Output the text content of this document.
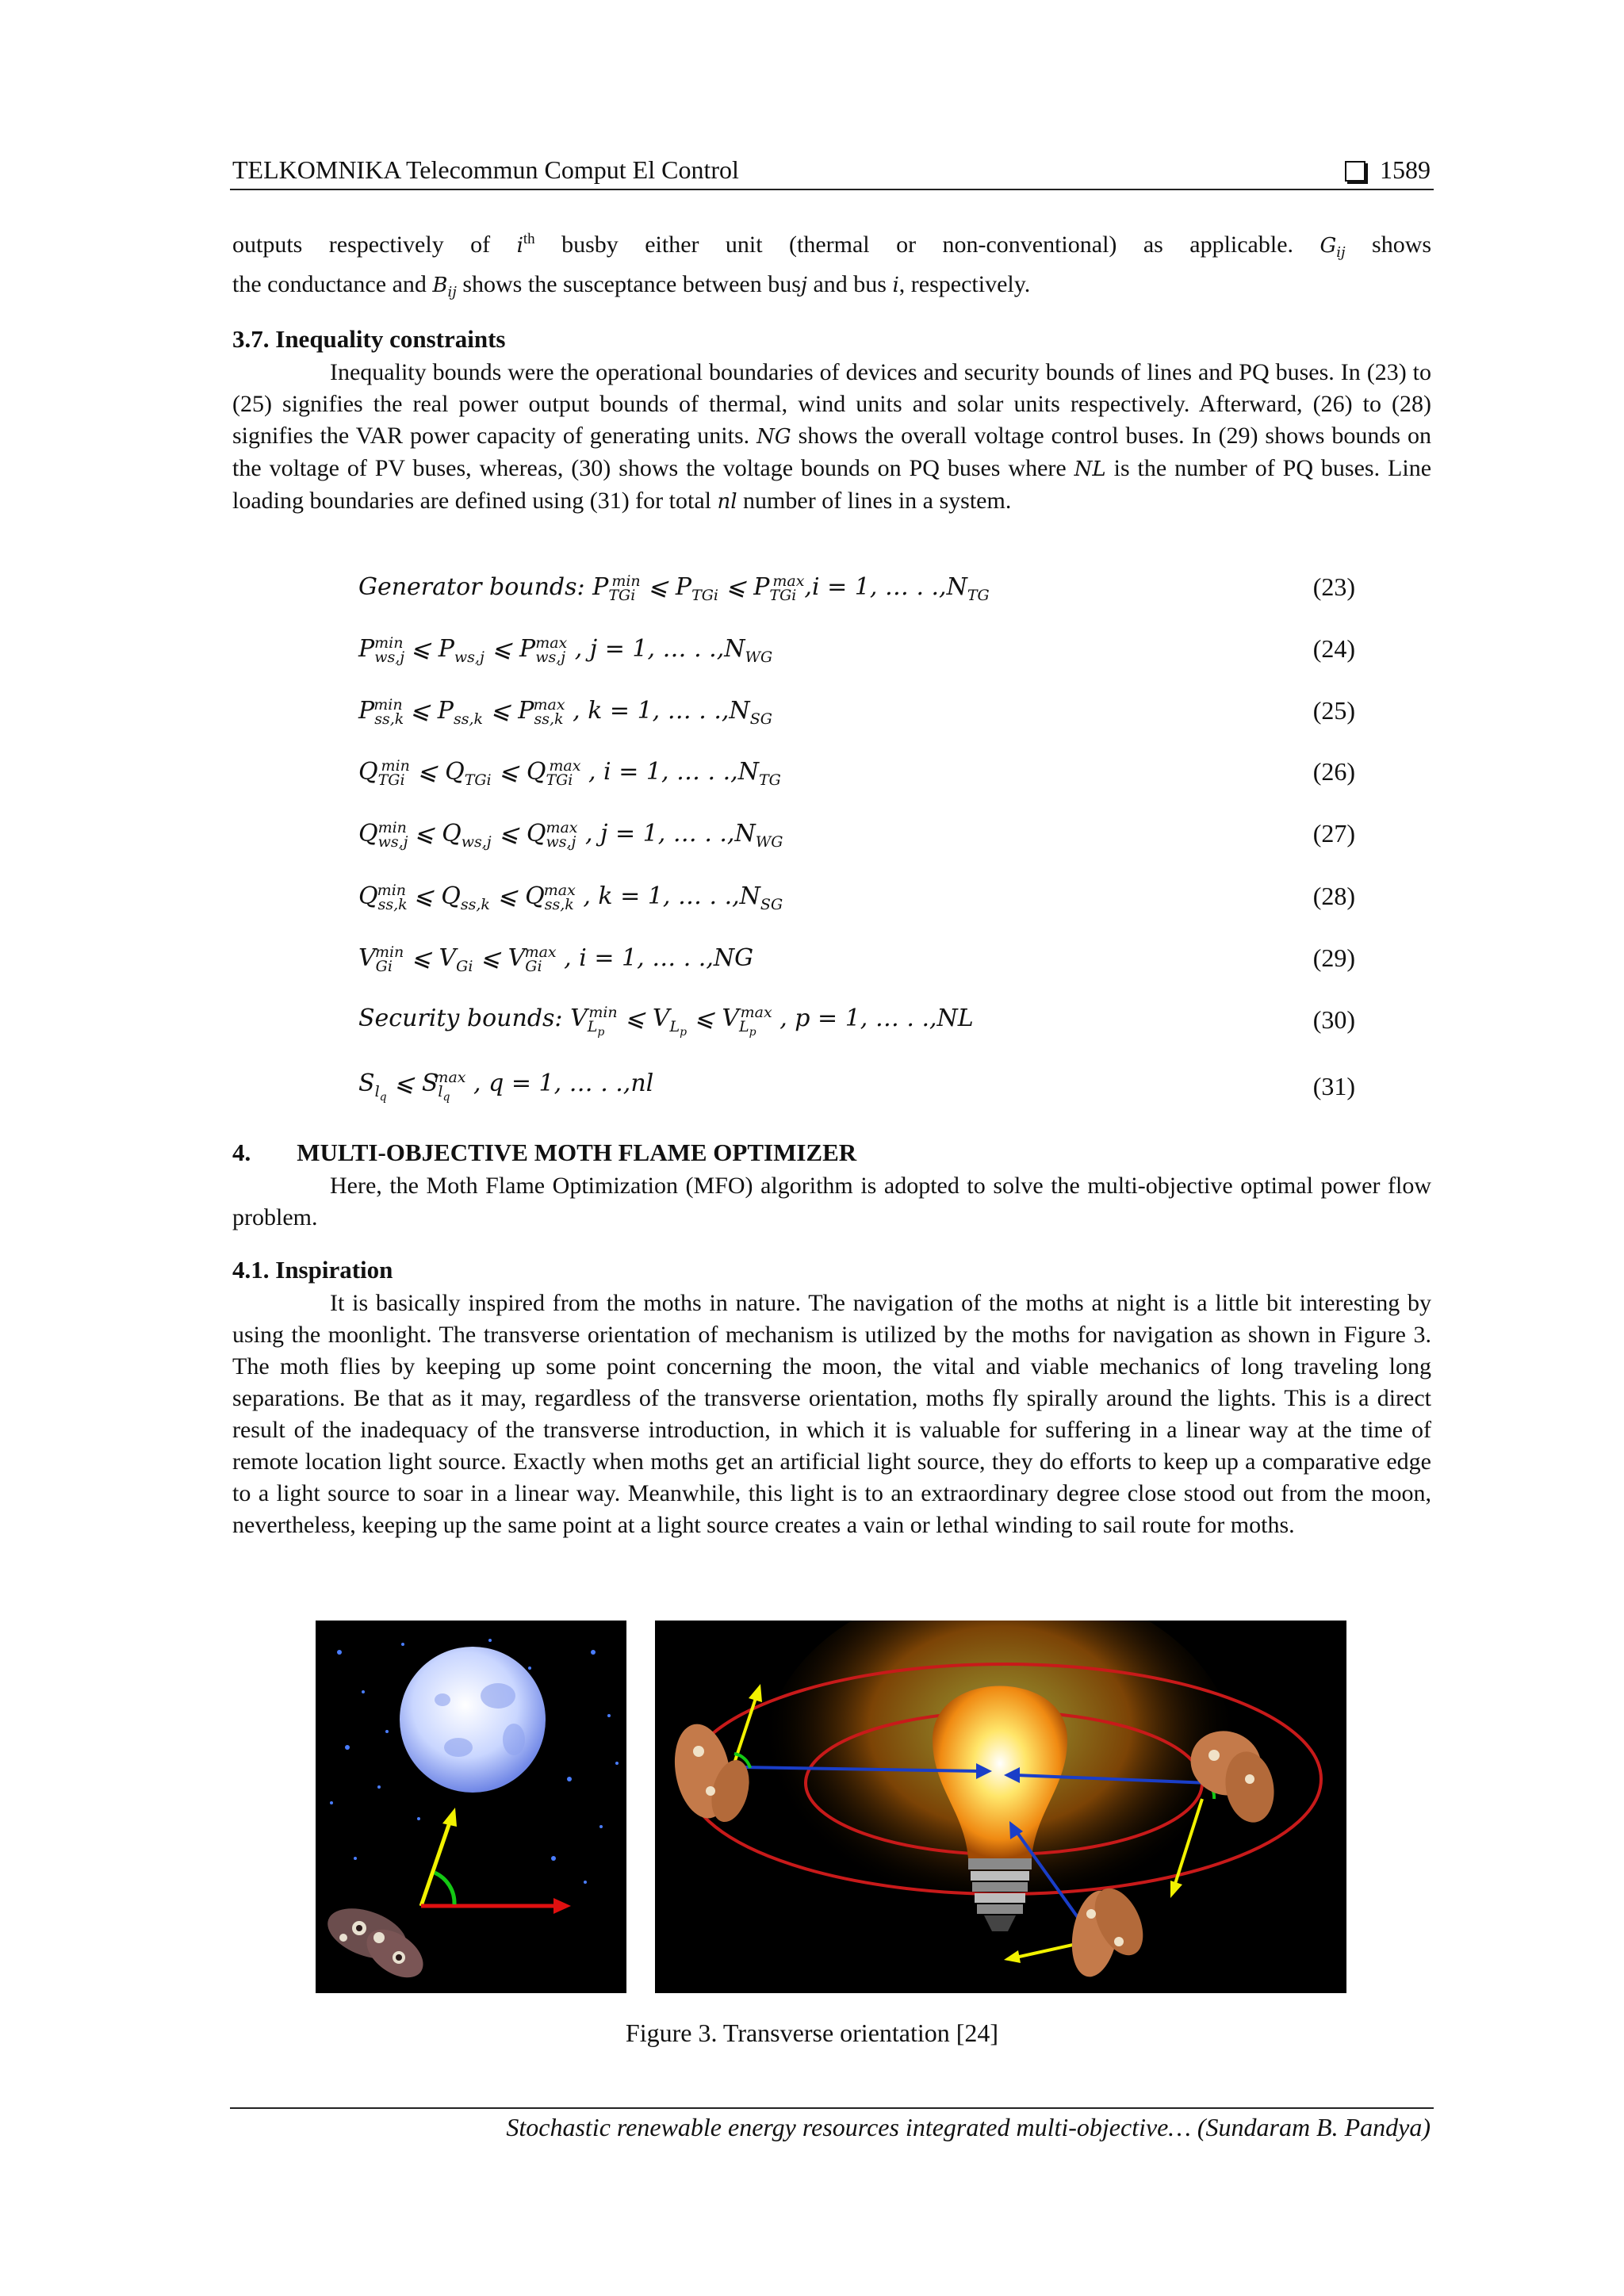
TELKOMNIKA Telecommun Comput El Control	1589

outputs respectively of $i^{th}$ busby either unit (thermal or non-conventional) as applicable. $G_{ij}$ shows

the conductance and $B_{ij}$ shows the susceptance between busj and bus i, respectively.

3.7. Inequality constraints

Inequality bounds were the operational boundaries of devices and security bounds of lines and PQ buses. In (23) to (25) signifies the real power output bounds of thermal, wind units and solar units respectively. Afterward, (26) to (28) signifies the VAR power capacity of generating units. NG shows the overall voltage control buses. In (29) shows bounds on the voltage of PV buses, whereas, (30) shows the voltage bounds on PQ buses where NL is the number of PQ buses. Line loading boundaries are defined using (31) for total nl number of lines in a system.

Generator bounds: $P_{TGi}^{min}$ ⩽ $P_{TGi}$ ⩽ $P_{TGi}^{max},i = 1$, … . $.,N_{TG}$	(23)
$P_{ws,j}^{min}$ ⩽ $P_{ws,j}$ ⩽ $P_{ws,j}^{max}$ , j = 1, … . $.,N_{WG}$	(24)
$P_{ss,k}^{min}$ ⩽ $P_{ss,k}$ ⩽ $P_{ss,k}^{max}$ , k = 1, … . $.,N_{SG}$	(25)
$Q_{TGi}^{min}$ ⩽ $Q_{TGi}$ ⩽ $Q_{TGi}^{max}$ , i = 1, … . $.,N_{TG}$	(26)
$Q_{ws,j}^{min}$ ⩽ $Q_{ws,j}$ ⩽ $Q_{ws,j}^{max}$ , j = 1, … . $.,N_{WG}$	(27)
$Q_{ss,k}^{min}$ ⩽ $Q_{ss,k}$ ⩽ $Q_{ss,k}^{max}$ , k = 1, … . $.,N_{SG}$	(28)
$V_{Gi}^{min}$ ⩽ $V_{Gi}$ ⩽ $V_{Gi}^{max}$ , i = 1, … . .,NG	(29)
Security bounds: $V_{L_p}^{min}$ ⩽ $V_{L_p}$ ⩽ $V_{L_p}^{max}$ , p = 1, … . .,NL	(30)
$S_{l_q}$ ⩽ $S_{l_q}^{max}$ , q = 1, … . .,nl	(31)
4. MULTI-OBJECTIVE MOTH FLAME OPTIMIZER

Here, the Moth Flame Optimization (MFO) algorithm is adopted to solve the multi-objective optimal power flow problem.

4.1. Inspiration

It is basically inspired from the moths in nature. The navigation of the moths at night is a little bit interesting by using the moonlight. The transverse orientation of mechanism is utilized by the moths for navigation as shown in Figure 3. The moth flies by keeping up some point concerning the moon, the vital and viable mechanics of long traveling long separations. Be that as it may, regardless of the transverse orientation, moths fly spirally around the lights. This is a direct result of the inadequacy of the transverse introduction, in which it is valuable for suffering in a linear way at the time of remote location light source. Exactly when moths get an artificial light source, they do efforts to keep up a comparative edge to a light source to soar in a linear way. Meanwhile, this light is to an extraordinary degree close stood out from the moon, nevertheless, keeping up the same point at a light source creates a vain or lethal winding to sail route for moths.

Figure 3. Transverse orientation [24]
Stochastic renewable energy resources integrated multi-objective… (Sundaram B. Pandya)
